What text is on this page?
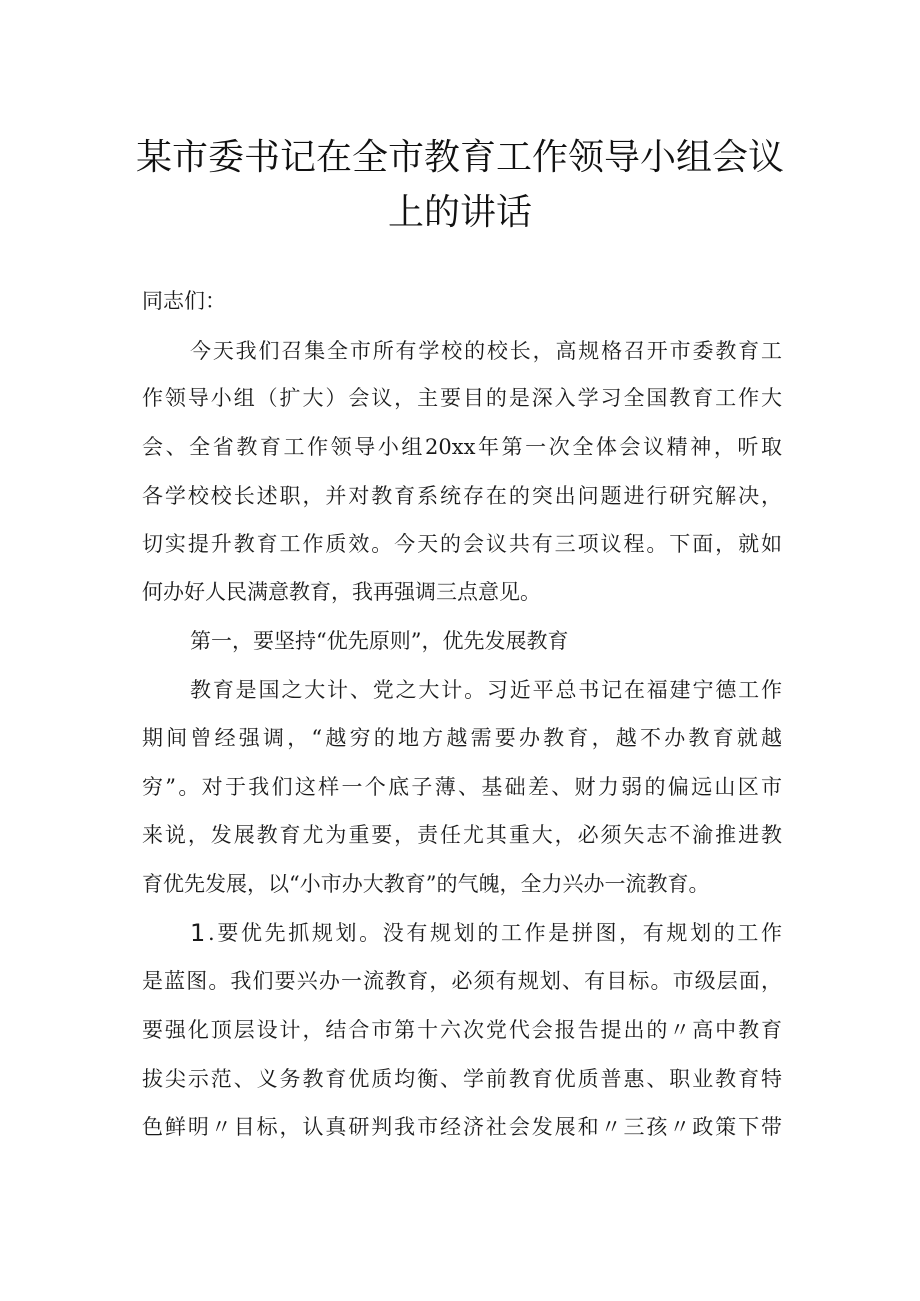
某市委书记在全市教育工作领导小组会议
上的讲话
同志们：
今天我们召集全市所有学校的校长，高规格召开市委教育工
作领导小组（扩大）会议，主要目的是深入学习全国教育工作大
会、全省教育工作领导小组20xx年第一次全体会议精神，听取
各学校校长述职，并对教育系统存在的突出问题进行研究解决，
切实提升教育工作质效。今天的会议共有三项议程。下面，就如
何办好人民满意教育，我再强调三点意见。
第一，要坚持“优先原则”，优先发展教育
教育是国之大计、党之大计。习近平总书记在福建宁德工作
期间曾经强调，“越穷的地方越需要办教育，越不办教育就越
穷”。对于我们这样一个底子薄、基础差、财力弱的偏远山区市
来说，发展教育尤为重要，责任尤其重大，必须矢志不渝推进教
育优先发展，以“小市办大教育”的气魄，全力兴办一流教育。
1 .要优先抓规划。没有规划的工作是拼图，有规划的工作
是蓝图。我们要兴办一流教育，必须有规划、有目标。市级层面，
要强化顶层设计，结合市第十六次党代会报告提出的〃高中教育
拔尖示范、义务教育优质均衡、学前教育优质普惠、职业教育特
色鲜明〃目标，认真研判我市经济社会发展和〃三孩〃政策下带
